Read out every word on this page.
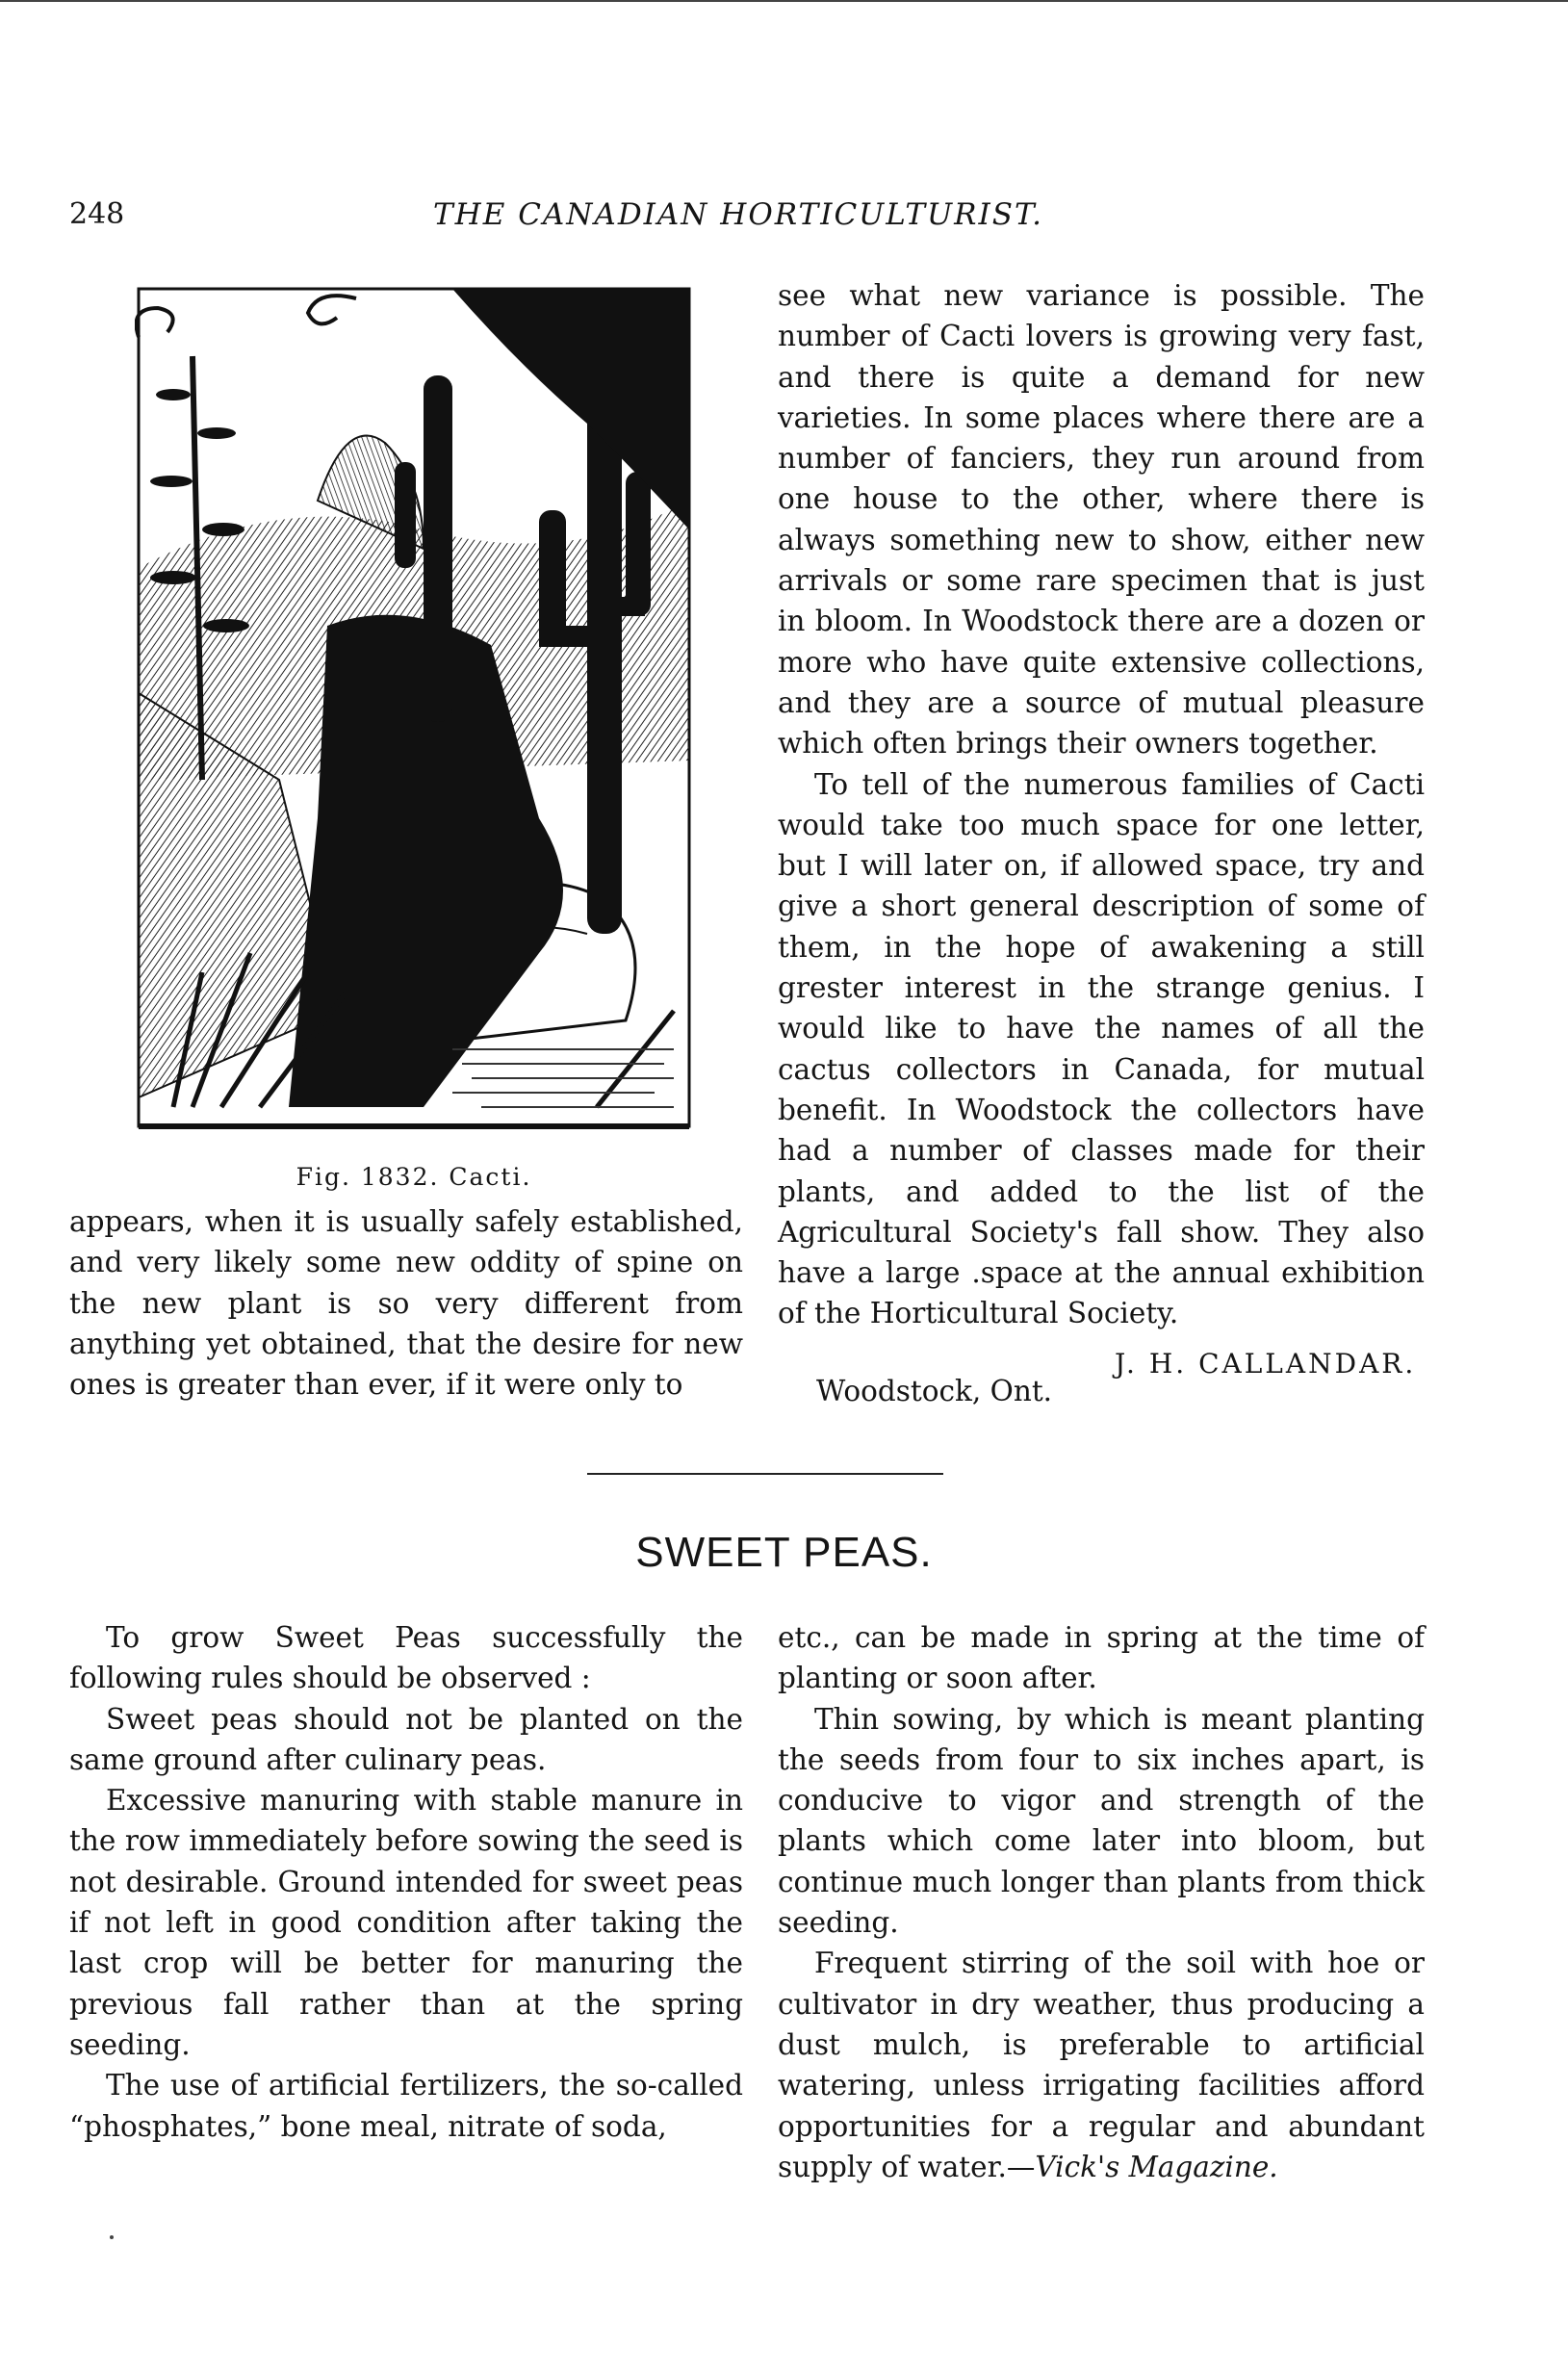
248	THE CANADIAN HORTICULTURIST.
Fig. 1832. Cacti.

appears, when it is usually safely established, and very likely some new oddity of spine on the new plant is so very different from anything yet obtained, that the desire for new ones is greater than ever, if it were only to

see what new variance is possible. The number of Cacti lovers is growing very fast, and there is quite a demand for new varieties. In some places where there are a number of fanciers, they run around from one house to the other, where there is always something new to show, either new arrivals or some rare specimen that is just in bloom. In Woodstock there are a dozen or more who have quite extensive collections, and they are a source of mutual pleasure which often brings their owners together.

To tell of the numerous families of Cacti would take too much space for one letter, but I will later on, if allowed space, try and give a short general description of some of them, in the hope of awakening a still grester interest in the strange genius. I would like to have the names of all the cactus collectors in Canada, for mutual benefit. In Woodstock the collectors have had a number of classes made for their plants, and added to the list of the Agricultural Society's fall show. They also have a large .space at the annual exhibition of the Horticultural Society.

J. H. CALLANDAR.
Woodstock, Ont.
SWEET PEAS.

To grow Sweet Peas successfully the following rules should be observed :

Sweet peas should not be planted on the same ground after culinary peas.

Excessive manuring with stable manure in the row immediately before sowing the seed is not desirable. Ground intended for sweet peas if not left in good condition after taking the last crop will be better for manuring the previous fall rather than at the spring seeding.

The use of artificial fertilizers, the so-called “phosphates,” bone meal, nitrate of soda,

etc., can be made in spring at the time of planting or soon after.

Thin sowing, by which is meant planting the seeds from four to six inches apart, is conducive to vigor and strength of the plants which come later into bloom, but continue much longer than plants from thick seeding.

Frequent stirring of the soil with hoe or cultivator in dry weather, thus producing a dust mulch, is preferable to artificial watering, unless irrigating facilities afford opportunities for a regular and abundant supply of water.—Vick's Magazine.
